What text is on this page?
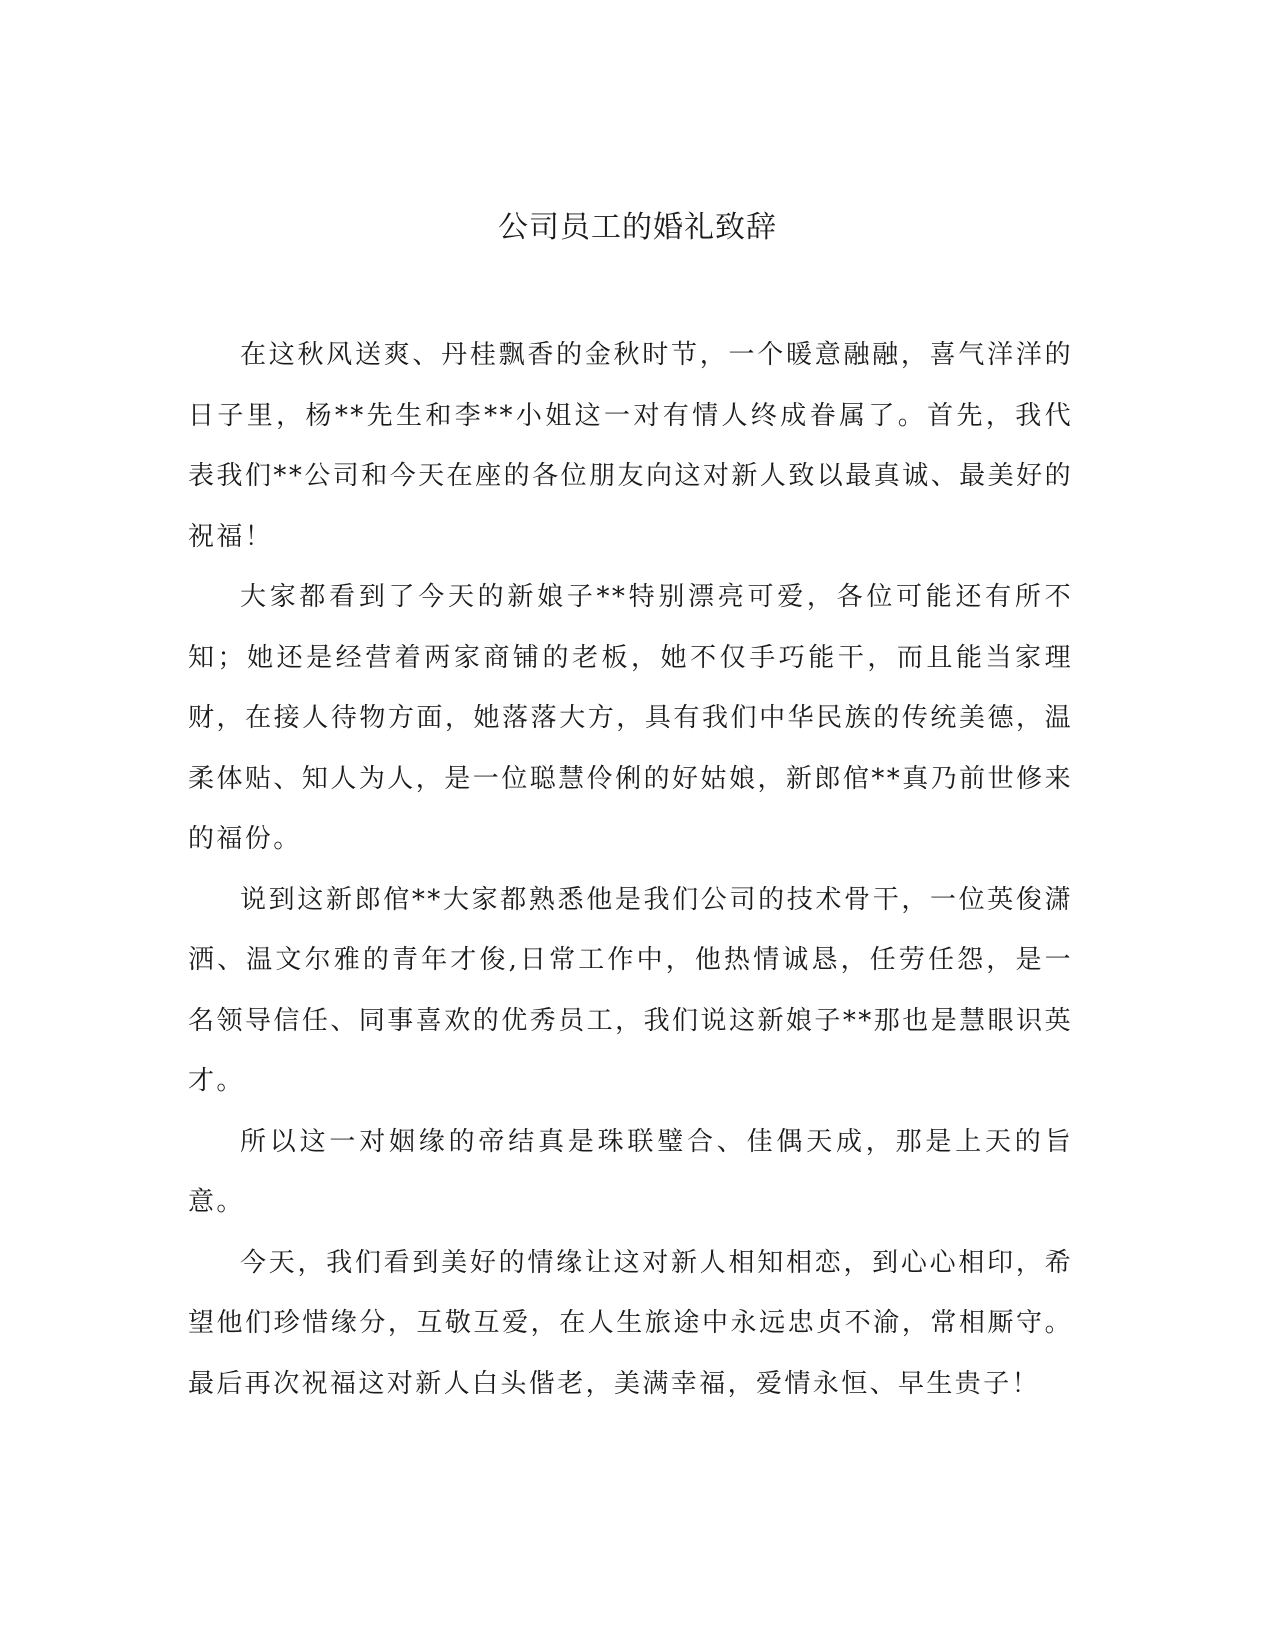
公司员工的婚礼致辞

在这秋风送爽、丹桂飘香的金秋时节，一个暖意融融，喜气洋洋的日子里，杨**先生和李**小姐这一对有情人终成眷属了。首先，我代表我们**公司和今天在座的各位朋友向这对新人致以最真诚、最美好的祝福！

大家都看到了今天的新娘子**特别漂亮可爱，各位可能还有所不知；她还是经营着两家商铺的老板，她不仅手巧能干，而且能当家理财，在接人待物方面，她落落大方，具有我们中华民族的传统美德，温柔体贴、知人为人，是一位聪慧伶俐的好姑娘，新郎倌**真乃前世修来的福份。

说到这新郎倌**大家都熟悉他是我们公司的技术骨干，一位英俊潇洒、温文尔雅的青年才俊,日常工作中，他热情诚恳，任劳任怨，是一名领导信任、同事喜欢的优秀员工，我们说这新娘子**那也是慧眼识英才。

所以这一对姻缘的帝结真是珠联璧合、佳偶天成，那是上天的旨意。

今天，我们看到美好的情缘让这对新人相知相恋，到心心相印，希望他们珍惜缘分，互敬互爱，在人生旅途中永远忠贞不渝，常相厮守。最后再次祝福这对新人白头偕老，美满幸福，爱情永恒、早生贵子！
